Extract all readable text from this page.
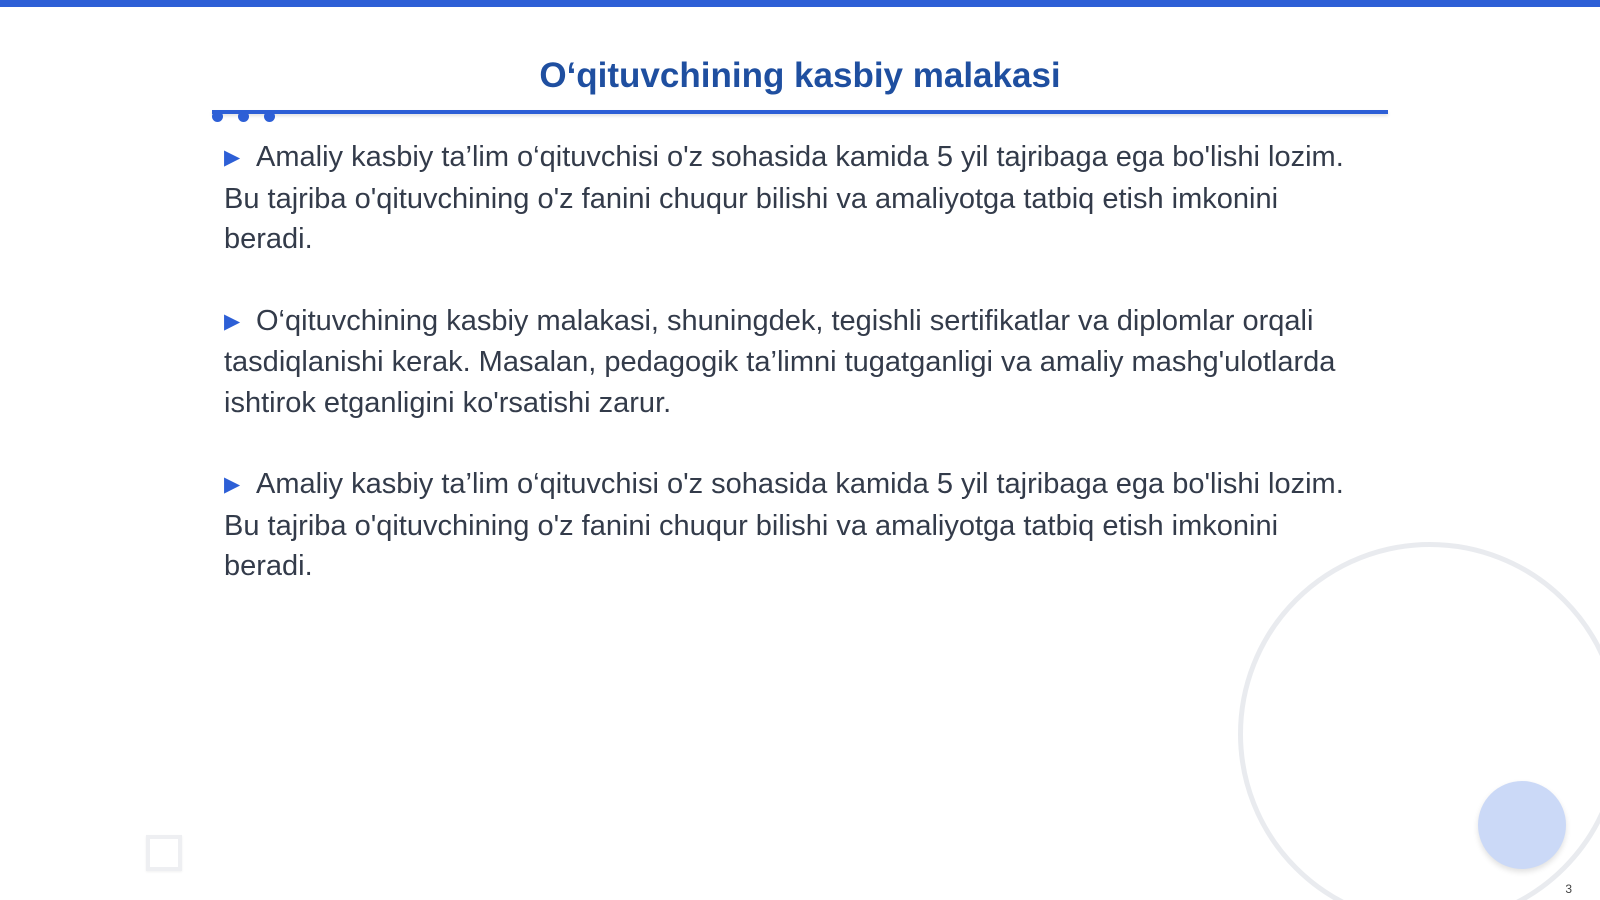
O‘qituvchining kasbiy malakasi

▶ Amaliy kasbiy ta’lim o‘qituvchisi o'z sohasida kamida 5 yil tajribaga ega bo'lishi lozim. Bu tajriba o'qituvchining o'z fanini chuqur bilishi va amaliyotga tatbiq etish imkonini beradi.

▶ O‘qituvchining kasbiy malakasi, shuningdek, tegishli sertifikatlar va diplomlar orqali tasdiqlanishi kerak. Masalan, pedagogik ta’limni tugatganligi va amaliy mashg'ulotlarda ishtirok etganligini ko'rsatishi zarur.

▶ Amaliy kasbiy ta’lim o‘qituvchisi o'z sohasida kamida 5 yil tajribaga ega bo'lishi lozim. Bu tajriba o'qituvchining o'z fanini chuqur bilishi va amaliyotga tatbiq etish imkonini beradi.

3
